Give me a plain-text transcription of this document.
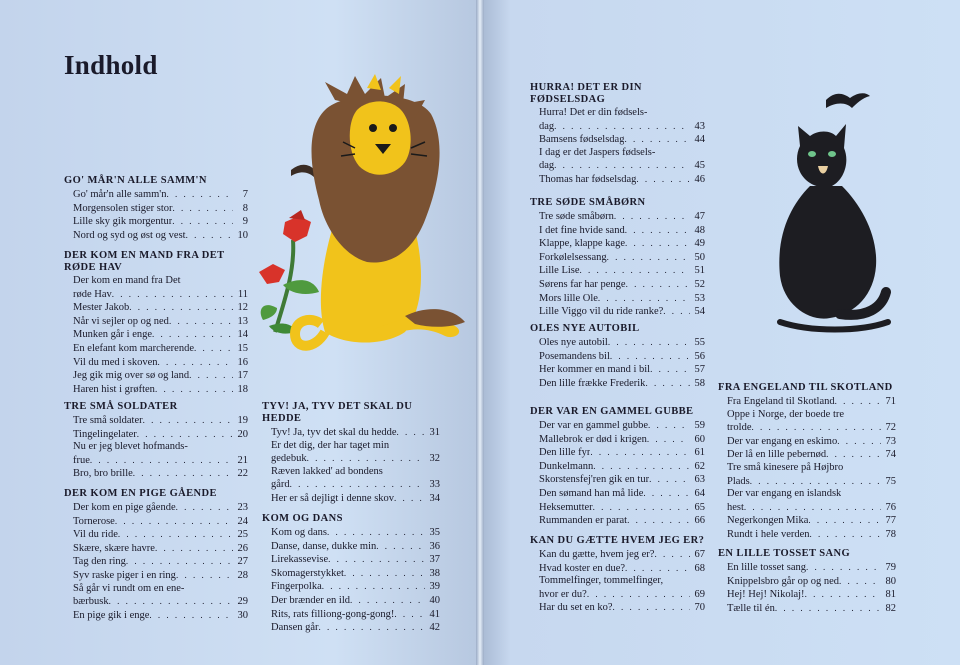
Indhold
GO' MÅR'N ALLE SAMM'N
Go' mår'n alle samm'n . . .	7
Morgensolen stiger stor . . .	8
Lille sky gik morgentur . . .	9
Nord og syd og øst og vest . . .	10
DER KOM EN MAND FRA DET RØDE HAV
Der kom en mand fra Det
røde Hav . . .	11
Mester Jakob . . .	12
Når vi sejler op og ned . . .	13
Munken går i enge . . .	14
En elefant kom marcherende . . .	15
Vil du med i skoven . . .	16
Jeg gik mig over sø og land . . .	17
Haren hist i grøften . . .	18
TRE SMÅ SOLDATER
Tre små soldater . . .	19
Tingelingelater . . .	20
Nu er jeg blevet hofmands-
frue . . .	21
Bro, bro brille . . .	22
DER KOM EN PIGE GÅENDE
Der kom en pige gående . . .	23
Tornerose . . .	24
Vil du ride . . .	25
Skære, skære havre . . .	26
Tag den ring . . .	27
Syv raske piger i en ring . . .	28
Så går vi rundt om en ene-
bærbusk . . .	29
En pige gik i enge . . .	30
TYV! JA, TYV DET SKAL DU HEDDE
Tyv! Ja, tyv det skal du hedde . . .	31
Er det dig, der har taget min
gedebuk . . .	32
Ræven lakked' ad bondens
gård . . .	33
Her er så dejligt i denne skov . . .	34
KOM OG DANS
Kom og dans . . .	35
Danse, danse, dukke min . . .	36
Lirekassevise . . .	37
Skomagerstykket . . .	38
Fingerpolka . . .	39
Der brænder en ild . . .	40
Rits, rats filliong-gong-gong! . . .	41
Dansen går . . .	42
HURRA! DET ER DIN FØDSELSDAG
Hurra! Det er din fødsels-
dag . . .	43
Bamsens fødselsdag . . .	44
I dag er det Jaspers fødsels-
dag . . .	45
Thomas har fødselsdag . . .	46
TRE SØDE SMÅBØRN
Tre søde småbørn . . .	47
I det fine hvide sand . . .	48
Klappe, klappe kage . . .	49
Forkølelsessang . . .	50
Lille Lise . . .	51
Sørens far har penge . . .	52
Mors lille Ole . . .	53
Lille Viggo vil du ride ranke? . . .	54
OLES NYE AUTOBIL
Oles nye autobil . . .	55
Posemandens bil . . .	56
Her kommer en mand i bil . . .	57
Den lille frække Frederik . . .	58
DER VAR EN GAMMEL GUBBE
Der var en gammel gubbe . . .	59
Mallebrok er død i krigen . . .	60
Den lille fyr . . .	61
Dunkelmann . . .	62
Skorstensfej'ren gik en tur . . .	63
Den sømand han må lide . . .	64
Heksemutter . . .	65
Rummanden er parat . . .	66
KAN DU GÆTTE HVEM JEG ER?
Kan du gætte, hvem jeg er? . . .	67
Hvad koster en due? . . .	68
Tommelfinger, tommelfinger,
hvor er du? . . .	69
Har du set en ko? . . .	70
FRA ENGELAND TIL SKOTLAND
Fra Engeland til Skotland . . .	71
Oppe i Norge, der boede tre
trolde . . .	72
Der var engang en eskimo . . .	73
Der lå en lille pebernød . . .	74
Tre små kinesere på Højbro
Plads . . .	75
Der var engang en islandsk
hest . . .	76
Negerkongen Mika . . .	77
Rundt i hele verden . . .	78
EN LILLE TOSSET SANG
En lille tosset sang . . .	79
Knippelsbro går op og ned . . .	80
Hej! Hej! Nikolaj! . . .	81
Tælle til én . . .	82
